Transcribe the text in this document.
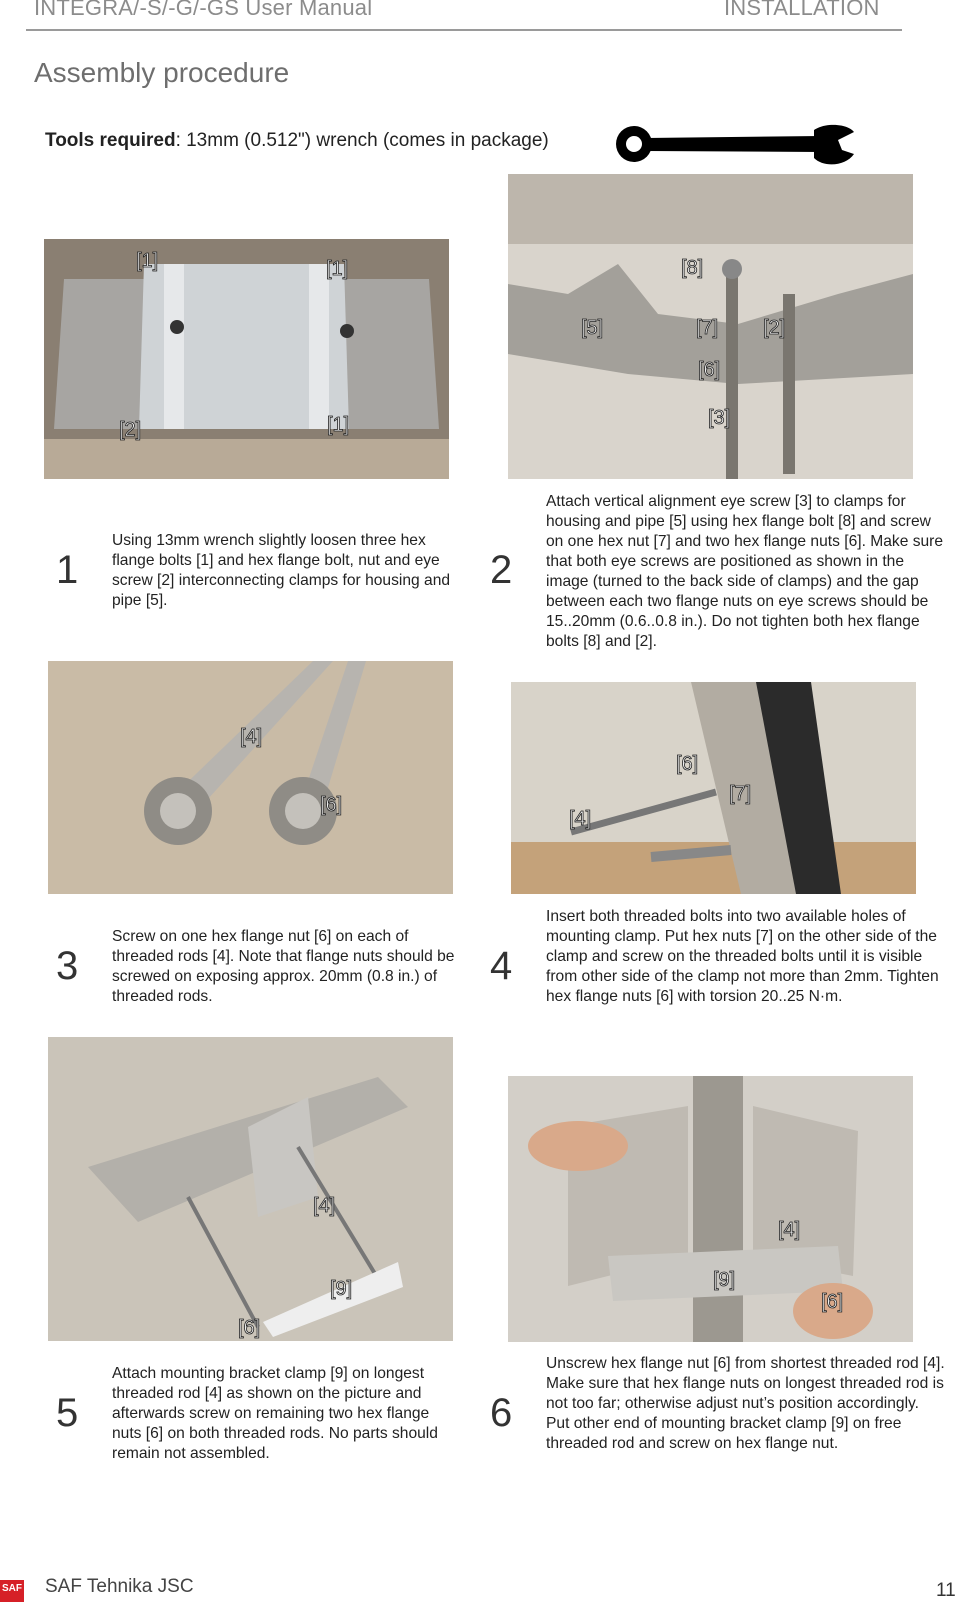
INTEGRA/-S/-G/-GS User Manual	INSTALLATION
Assembly procedure
Tools required: 13mm (0.512") wrench (comes in package)
[1]	[1]
[2]	[1]
1
Using 13mm wrench slightly loosen three hex flange bolts [1] and hex flange bolt, nut and eye screw [2] interconnecting clamps for housing and pipe [5].
[8]
[5]	[7] [2]
[6]
[3]
2
Attach vertical alignment eye screw [3] to clamps for housing and pipe [5] using hex flange bolt [8] and screw on one hex nut [7] and two hex flange nuts [6]. Make sure that both eye screws are positioned as shown in the image (turned to the back side of clamps) and the gap between each two flange nuts on eye screws should be 15..20mm (0.6..0.8 in.). Do not tighten both hex flange bolts [8] and [2].
[4]
[6]
3
Screw on one hex flange nut [6] on each of threaded rods [4]. Note that flange nuts should be screwed on exposing approx. 20mm (0.8 in.) of threaded rods.
[6]
[7]
[4]
4
Insert both threaded bolts into two available holes of mounting clamp. Put hex nuts [7] on the other side of the clamp and screw on the threaded bolts until it is visible from other side of the clamp not more than 2mm. Tighten hex flange nuts [6] with torsion 20..25 N·m.
[4]
[9]
[6]
5
Attach mounting bracket clamp [9] on longest threaded rod [4] as shown on the picture and afterwards screw on remaining two hex flange nuts [6] on both threaded rods. No parts should remain not assembled.
[4]
[9]
[6]
6
Unscrew hex flange nut [6] from shortest threaded rod [4]. Make sure that hex flange nuts on longest threaded rod is not too far; otherwise adjust nut’s position accordingly. Put other end of mounting bracket clamp [9] on free threaded rod and screw on hex flange nut.
SAF SAF Tehnika JSC	11
